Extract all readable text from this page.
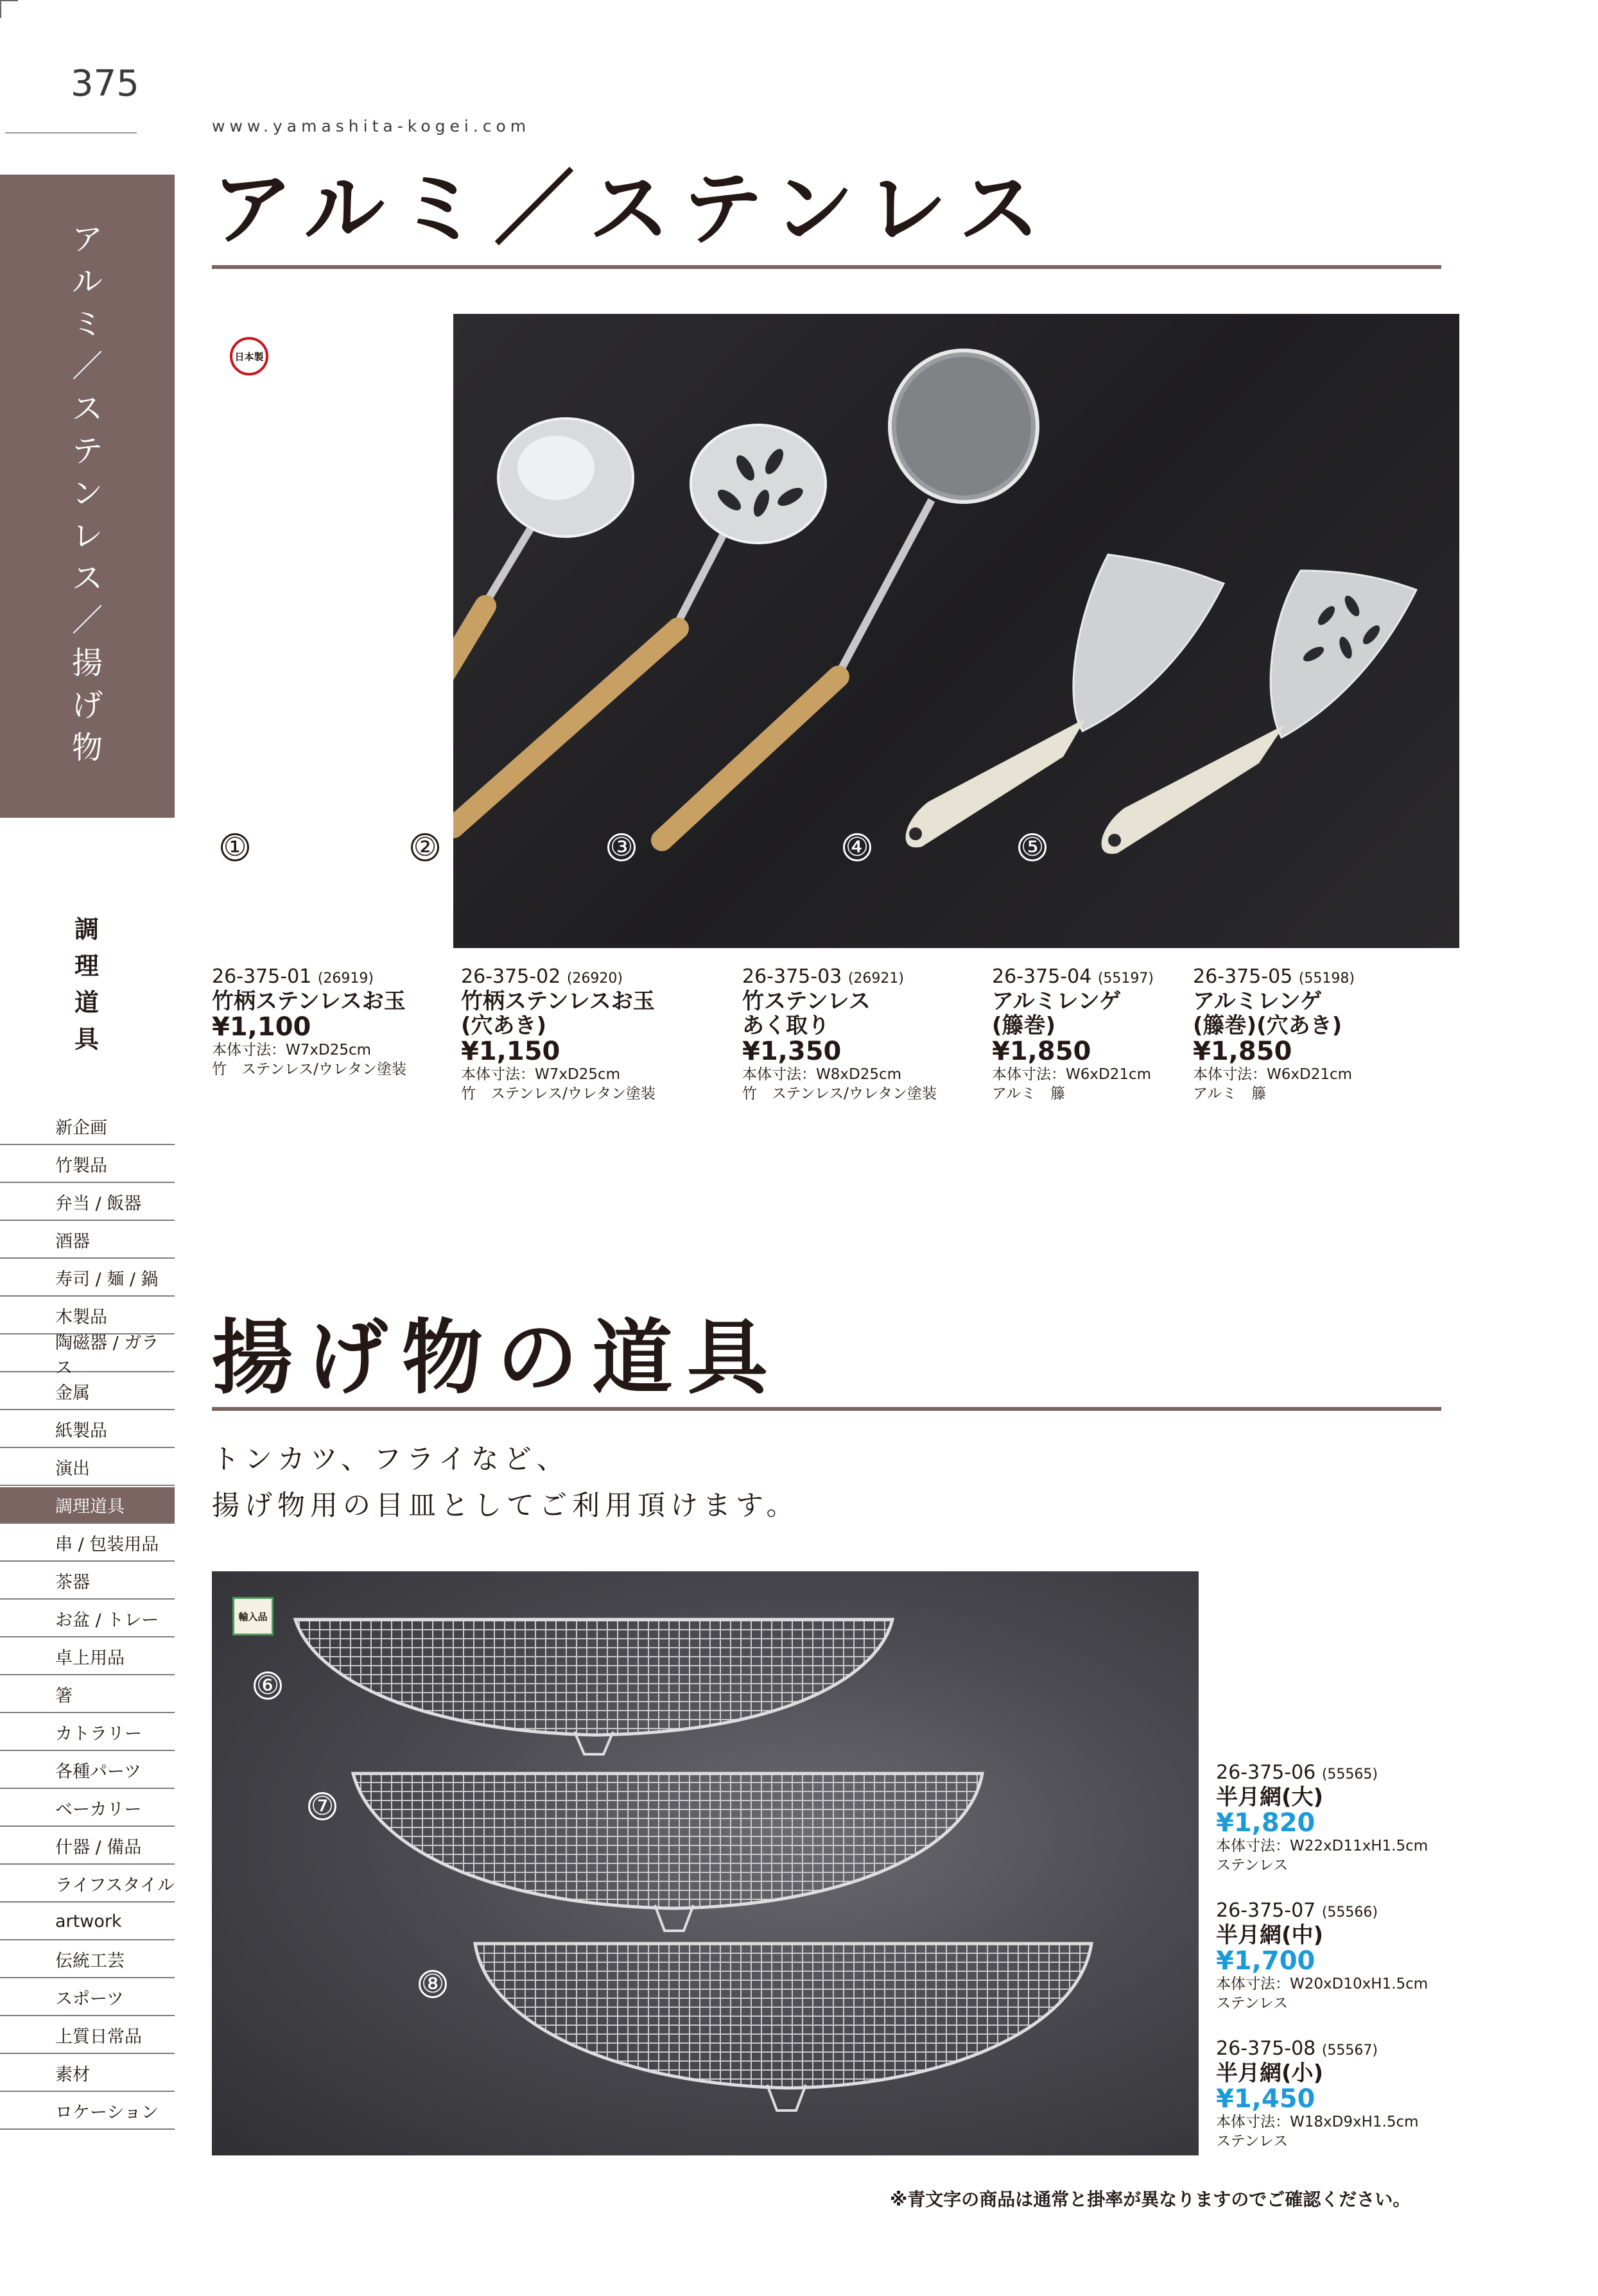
375
www.yamashita-kogei.com
アルミ／ステンレス／揚げ物
調理道具
新企画
竹製品
弁当 / 飯器
酒器
寿司 / 麺 / 鍋
木製品
陶磁器 / ガラス
金属
紙製品
演出
調理道具
串 / 包装用品
茶器
お盆 / トレー
卓上用品
箸
カトラリー
各種パーツ
ベーカリー
什器 / 備品
ライフスタイル
artwork
伝統工芸
スポーツ
上質日常品
素材
ロケーション
アルミ／ステンレス
日本製
①	②	③	④	⑤
26-375-01 (26919)
竹柄ステンレスお玉
¥1,100
本体寸法：W7xD25cm
竹　ステンレス/ウレタン塗装
26-375-02 (26920)
竹柄ステンレスお玉
(穴あき)
¥1,150
本体寸法：W7xD25cm
竹　ステンレス/ウレタン塗装
26-375-03 (26921)
竹ステンレス
あく取り
¥1,350
本体寸法：W8xD25cm
竹　ステンレス/ウレタン塗装
26-375-04 (55197)
アルミレンゲ
(籐巻)
¥1,850
本体寸法：W6xD21cm
アルミ　籐
26-375-05 (55198)
アルミレンゲ
(籐巻)(穴あき)
¥1,850
本体寸法：W6xD21cm
アルミ　籐
揚げ物の道具
トンカツ、フライなど、
揚げ物用の目皿としてご利用頂けます。
輸入品
⑥
⑦
⑧
26-375-06 (55565)
半月網(大)
¥1,820
本体寸法：W22xD11xH1.5cm
ステンレス
26-375-07 (55566)
半月網(中)
¥1,700
本体寸法：W20xD10xH1.5cm
ステンレス
26-375-08 (55567)
半月網(小)
¥1,450
本体寸法：W18xD9xH1.5cm
ステンレス
※青文字の商品は通常と掛率が異なりますのでご確認ください。
